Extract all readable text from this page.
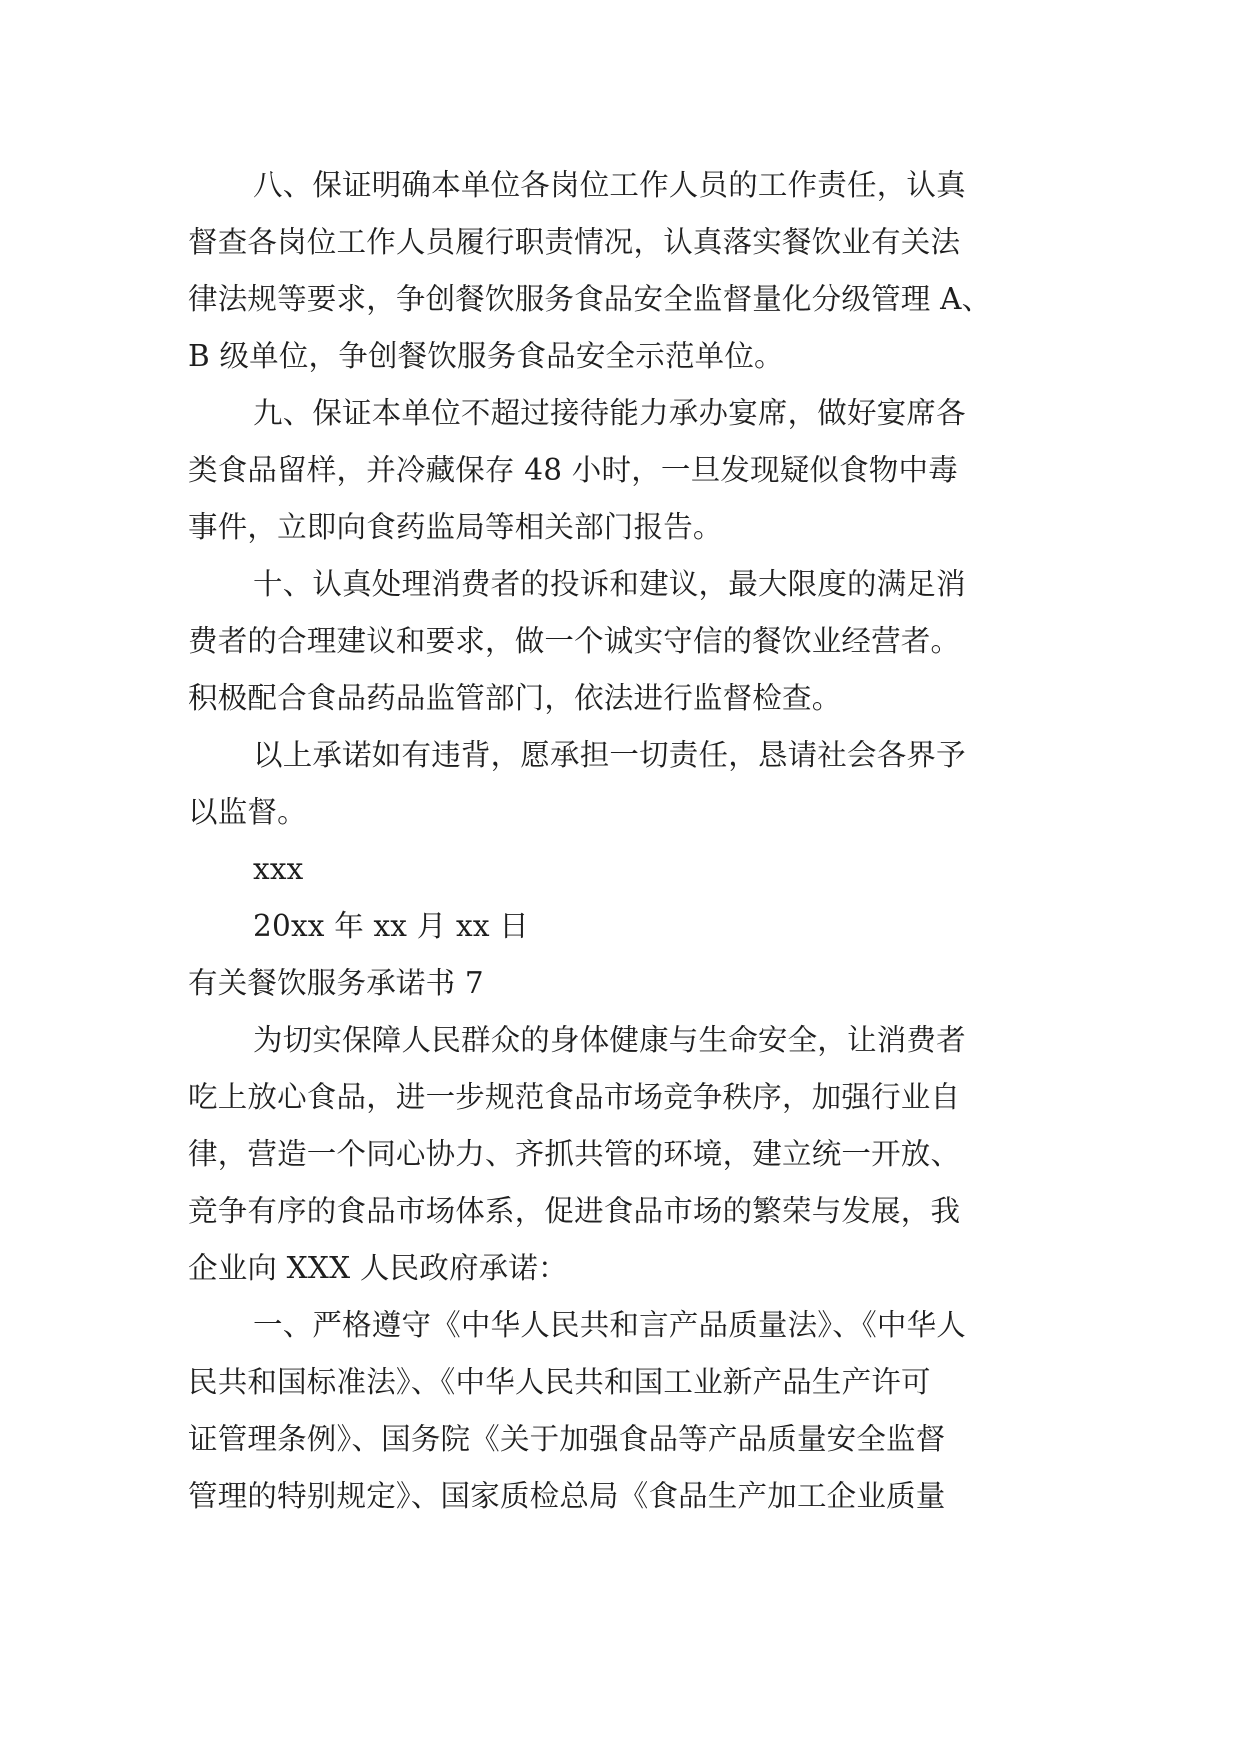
八、保证明确本单位各岗位工作人员的工作责任，认真
督查各岗位工作人员履行职责情况，认真落实餐饮业有关法
律法规等要求，争创餐饮服务食品安全监督量化分级管理 A、
B 级单位，争创餐饮服务食品安全示范单位。
九、保证本单位不超过接待能力承办宴席，做好宴席各
类食品留样，并冷藏保存 48 小时，一旦发现疑似食物中毒
事件，立即向食药监局等相关部门报告。
十、认真处理消费者的投诉和建议，最大限度的满足消
费者的合理建议和要求，做一个诚实守信的餐饮业经营者。
积极配合食品药品监管部门，依法进行监督检查。
以上承诺如有违背，愿承担一切责任，恳请社会各界予
以监督。
xxx
20xx 年 xx 月 xx 日
有关餐饮服务承诺书 7
为切实保障人民群众的身体健康与生命安全，让消费者
吃上放心食品，进一步规范食品市场竞争秩序，加强行业自
律，营造一个同心协力、齐抓共管的环境，建立统一开放、
竞争有序的食品市场体系，促进食品市场的繁荣与发展，我
企业向 XXX 人民政府承诺：
一、严格遵守《中华人民共和言产品质量法》、《中华人
民共和国标准法》、《中华人民共和国工业新产品生产许可
证管理条例》、国务院《关于加强食品等产品质量安全监督
管理的特别规定》、国家质检总局《食品生产加工企业质量
